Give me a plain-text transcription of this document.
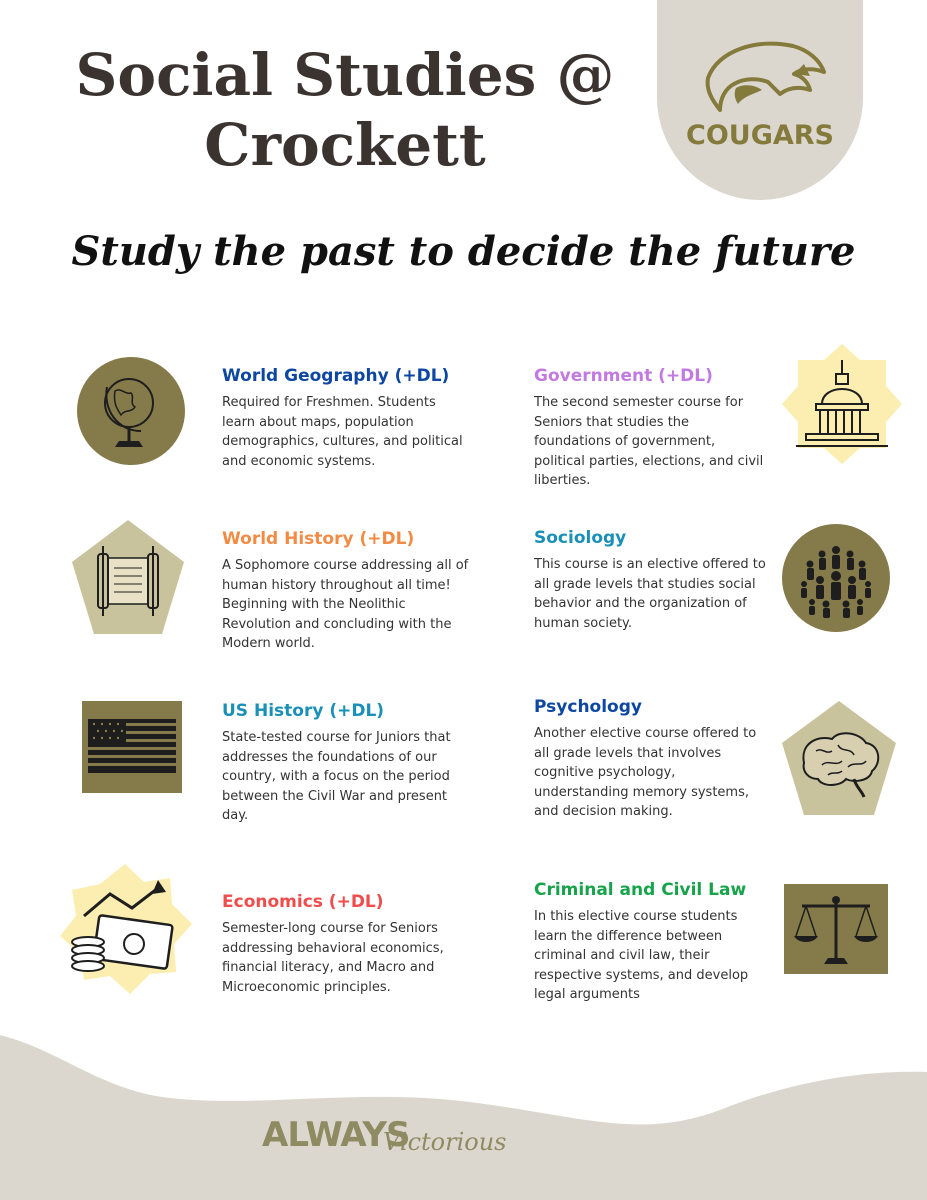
COUGARS
Social Studies @
Crockett
Study the past to decide the future
World Geography (+DL)

Required for Freshmen. Students learn about maps, population demographics, cultures, and political and economic systems.

World History (+DL)

A Sophomore course addressing all of human history throughout all time! Beginning with the Neolithic Revolution and concluding with the Modern world.

US History (+DL)

State-tested course for Juniors that addresses the foundations of our country, with a focus on the period between the Civil War and present day.

Economics (+DL)

Semester-long course for Seniors addressing behavioral economics, financial literacy, and Macro and Microeconomic principles.

Government (+DL)

The second semester course for Seniors that studies the foundations of government, political parties, elections, and civil liberties.

Sociology

This course is an elective offered to all grade levels that studies social behavior and the organization of human society.

Psychology

Another elective course offered to all grade levels that involves cognitive psychology, understanding memory systems, and decision making.

Criminal and Civil Law

In this elective course students learn the difference between criminal and civil law, their respective systems, and develop legal arguments

ALWAYS
Victorious
